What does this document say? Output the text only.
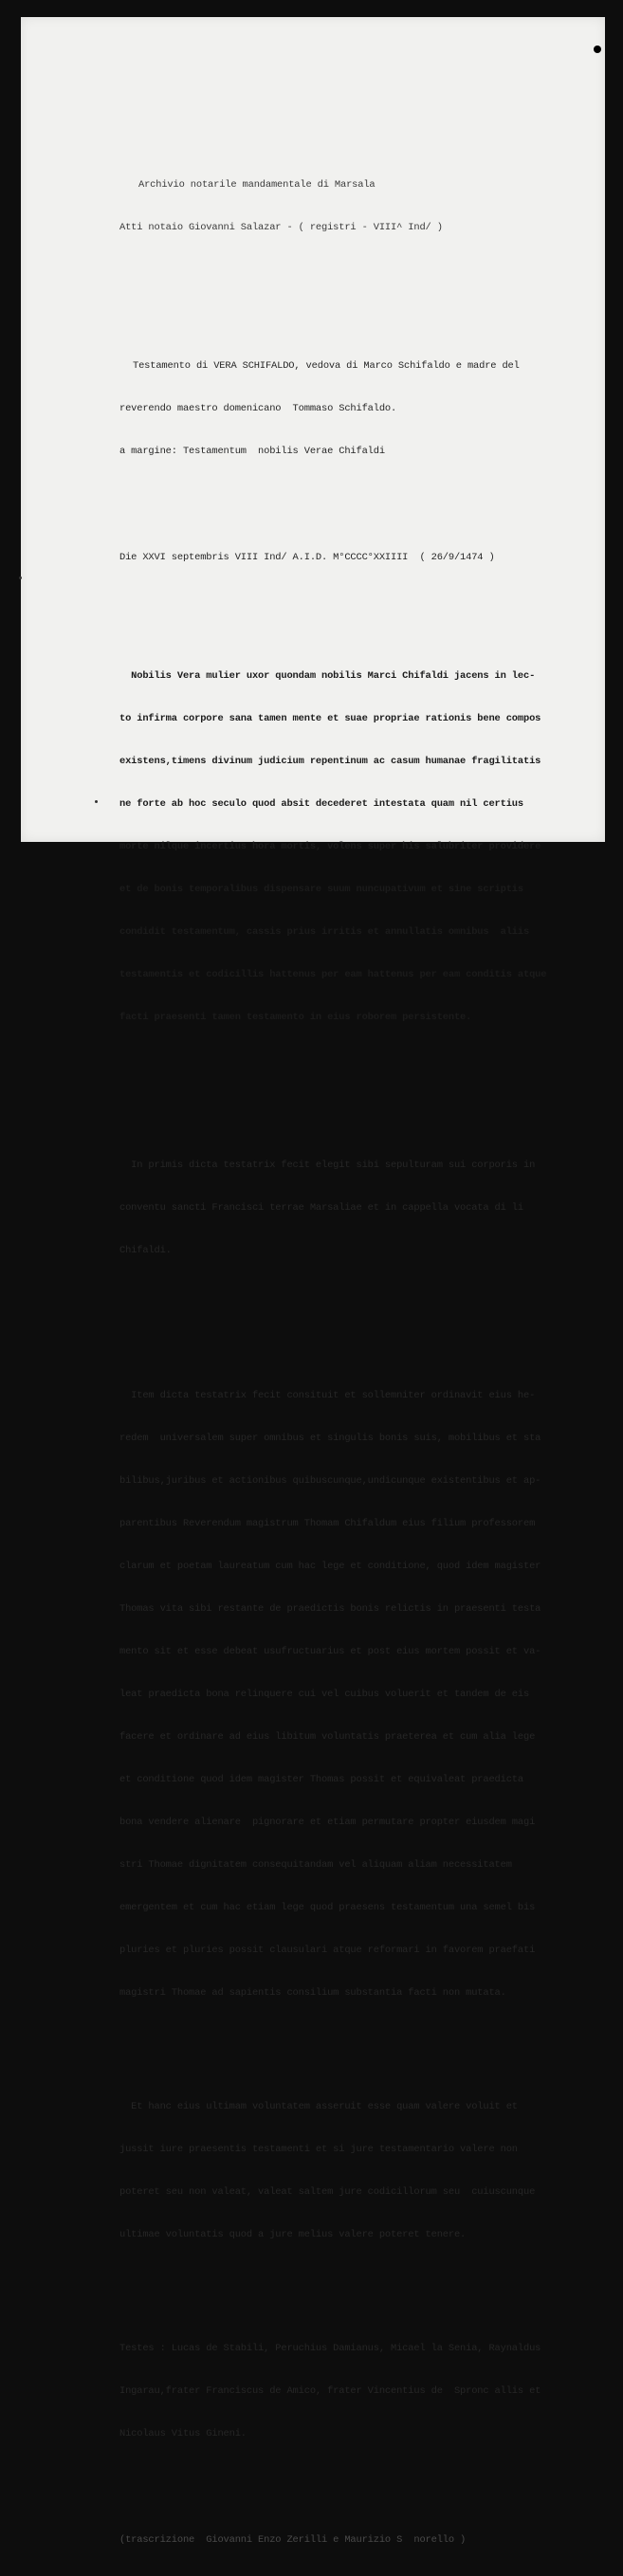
Archivio notarile mandamentale di Marsala

Atti notaio Giovanni Salazar - ( registri - VIII^ Ind/ )

Testamento di VERA SCHIFALDO, vedova di Marco Schifaldo e madre del

reverendo maestro domenicano  Tommaso Schifaldo.

a margine: Testamentum  nobilis Verae Chifaldi

Die XXVI septembris VIII Ind/ A.I.D. M°CCCC°XXIIII  ( 26/9/1474 )

Nobilis Vera mulier uxor quondam nobilis Marci Chifaldi jacens in lec-

to infirma corpore sana tamen mente et suae propriae rationis bene compos

existens,timens divinum judicium repentinum ac casum humanae fragilitatis

ne forte ab hoc seculo quod absit decederet intestata quam nil certius

morte nilque incertius hora mortis, volens super his salubriter providere

et de bonis temporalibus dispensare suum nuncupativum et sine scriptis

condidit testamentum, cassis prius irritis et annullatis omnibus  aliis

testamentis et codicillis hattenus per eam hattenus per eam conditis atque

facti praesenti tamen testamento in eius roborem persistente.

In primis dicta testatrix fecit elegit sibi sepulturam sui corporis in

conventu sancti Francisci terrae Marsaliae et in cappella vocata di li

Chifaldi.

Item dicta testatrix fecit consituit et sollemniter ordinavit eius he-

redem  universalem super omnibus et singulis bonis suis, mobilibus et sta

bilibus,juribus et actionibus quibuscunque,undicunque existentibus et ap-

parentibus Reverendum magistrum Thomam Chifaldum eius filium professorem

clarum et poetam laureatum cum hac lege et conditione, quod idem magister

Thomas vita sibi restante de praedictis bonis relictis in praesenti testa

mento sit et esse debeat usufructuarius et post eius mortem possit et va-

leat praedicta bona relinquere cui vel cuibus voluerit et tandem de eis

facere et ordinare ad eius libitum voluntatis praeterea et cum alia lege

et conditione quod idem magister Thomas possit et equivaleat praedicta

bona vendere alienare  pignorare et etiam permutare propter eiusdem magi

stri Thomae dignitatem consequitandam vel aliquam aliam necessitatem

emergentem et cum hac etiam lege quod praesens testamentum una semel bis

pluries et pluries possit clausulari atque reformari in favorem praefati

magistri Thomae ad sapientis consilium substantia facti non mutata.

Et hanc eius ultimam voluntatem asseruit esse quam valere voluit et

jussit iure praesentis testamenti et si jure testamentario valere non

poteret seu non valeat, valeat saltem jure codicillorum seu  cuiuscunque

ultimae voluntatis quod a jure melius valere poteret tenere.

Testes : Lucas de Stabili, Peruchius Damianus, Micael la Senia, Raynaldus

Ingarau,frater Franciscus de Amico, frater Vincentius de  Spronc allis et

Nicolaus Vitus Gineni.

(trascrizione  Giovanni Enzo Zerilli e Maurizio S  norello )
